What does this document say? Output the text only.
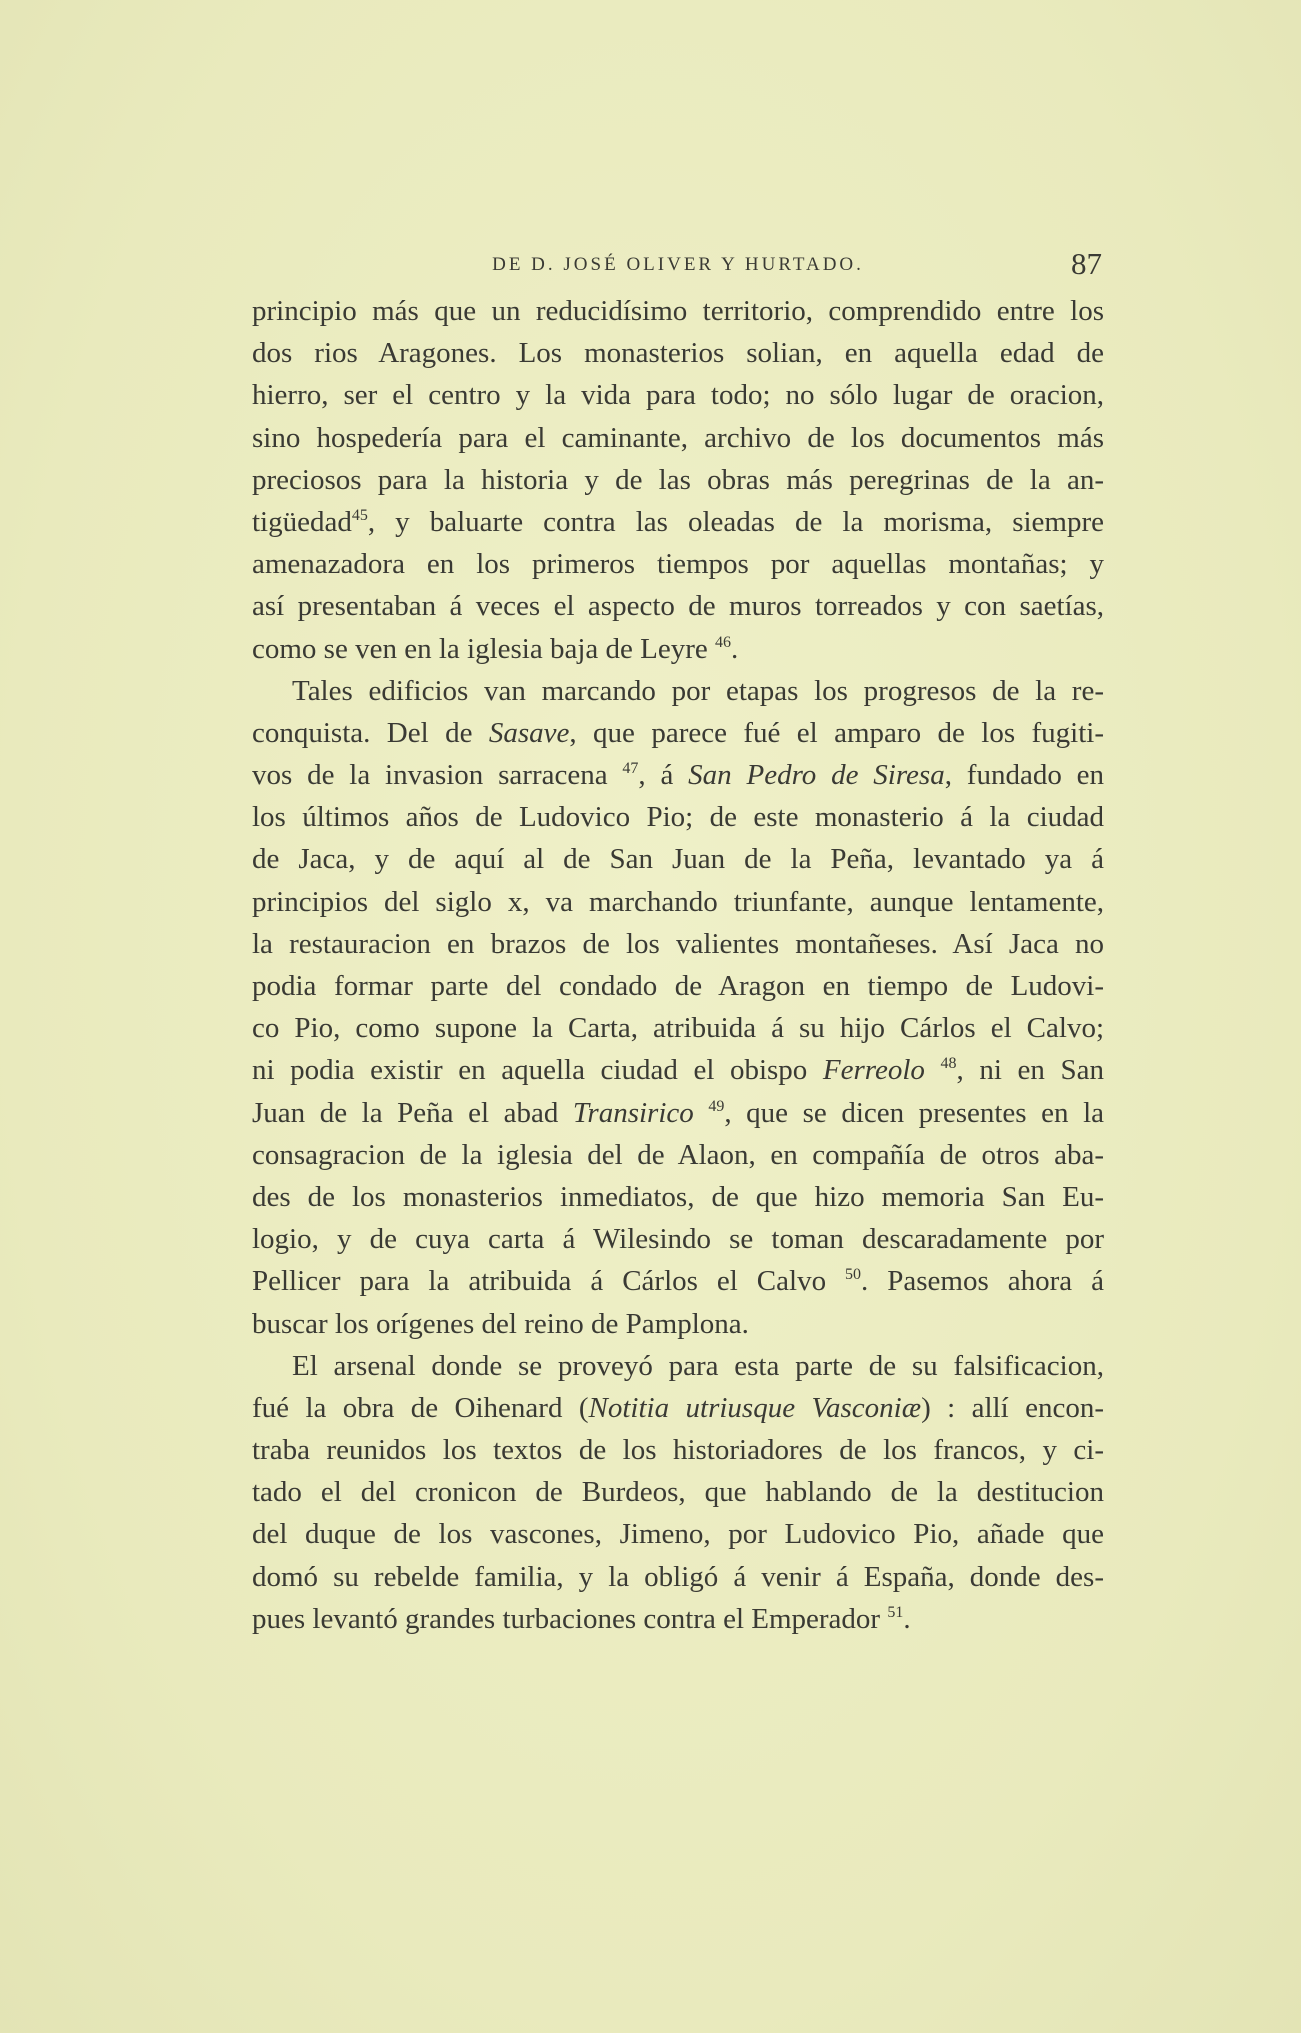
DE D. JOSÉ OLIVER Y HURTADO.	87
principio más que un reducidísimo territorio, comprendido entre los
dos rios Aragones. Los monasterios solian, en aquella edad de
hierro, ser el centro y la vida para todo; no sólo lugar de oracion,
sino hospedería para el caminante, archivo de los documentos más
preciosos para la historia y de las obras más peregrinas de la an-
tigüedad$^{45}$, y baluarte contra las oleadas de la morisma, siempre
amenazadora en los primeros tiempos por aquellas montañas; y
así presentaban á veces el aspecto de muros torreados y con saetías,
como se ven en la iglesia baja de Leyre $^{46}$.
Tales edificios van marcando por etapas los progresos de la re-
conquista. Del de Sasave, que parece fué el amparo de los fugiti-
vos de la invasion sarracena $^{47}$, á San Pedro de Siresa, fundado en
los últimos años de Ludovico Pio; de este monasterio á la ciudad
de Jaca, y de aquí al de San Juan de la Peña, levantado ya á
principios del siglo x, va marchando triunfante, aunque lentamente,
la restauracion en brazos de los valientes montañeses. Así Jaca no
podia formar parte del condado de Aragon en tiempo de Ludovi-
co Pio, como supone la Carta, atribuida á su hijo Cárlos el Calvo;
ni podia existir en aquella ciudad el obispo Ferreolo $^{48}$, ni en San
Juan de la Peña el abad Transirico $^{49}$, que se dicen presentes en la
consagracion de la iglesia del de Alaon, en compañía de otros aba-
des de los monasterios inmediatos, de que hizo memoria San Eu-
logio, y de cuya carta á Wilesindo se toman descaradamente por
Pellicer para la atribuida á Cárlos el Calvo $^{50}$. Pasemos ahora á
buscar los orígenes del reino de Pamplona.
El arsenal donde se proveyó para esta parte de su falsificacion,
fué la obra de Oihenard (Notitia utriusque Vasconiæ) : allí encon-
traba reunidos los textos de los historiadores de los francos, y ci-
tado el del cronicon de Burdeos, que hablando de la destitucion
del duque de los vascones, Jimeno, por Ludovico Pio, añade que
domó su rebelde familia, y la obligó á venir á España, donde des-
pues levantó grandes turbaciones contra el Emperador $^{51}$.
